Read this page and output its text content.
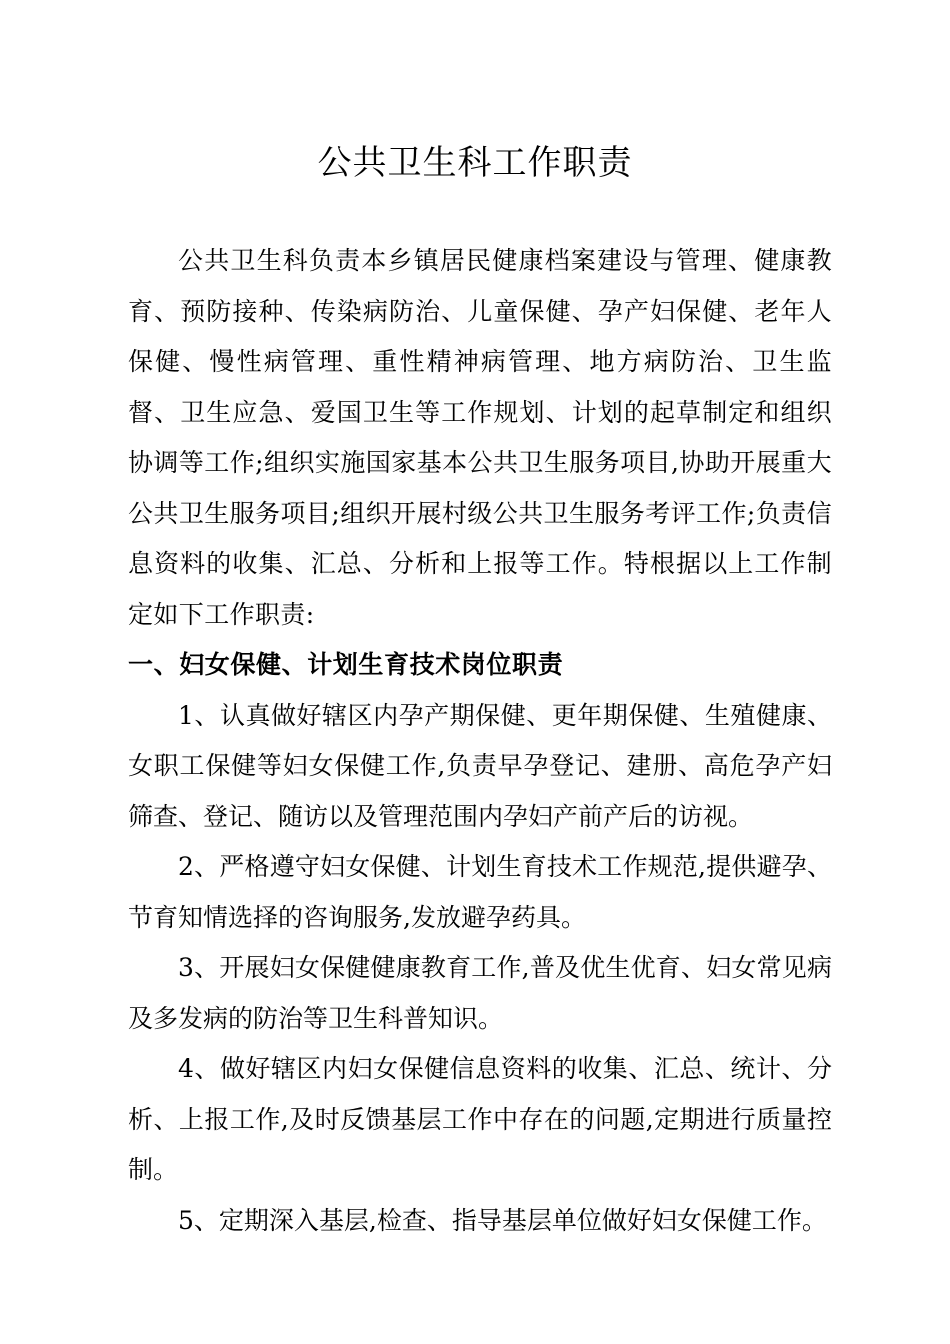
公共卫生科工作职责

公共卫生科负责本乡镇居民健康档案建设与管理、健康教育、预防接种、传染病防治、儿童保健、孕产妇保健、老年人保健、慢性病管理、重性精神病管理、地方病防治、卫生监督、卫生应急、爱国卫生等工作规划、计划的起草制定和组织协调等工作;组织实施国家基本公共卫生服务项目,协助开展重大公共卫生服务项目;组织开展村级公共卫生服务考评工作;负责信息资料的收集、汇总、分析和上报等工作。特根据以上工作制定如下工作职责:

一、妇女保健、计划生育技术岗位职责

1、认真做好辖区内孕产期保健、更年期保健、生殖健康、女职工保健等妇女保健工作,负责早孕登记、建册、高危孕产妇筛查、登记、随访以及管理范围内孕妇产前产后的访视。

2、严格遵守妇女保健、计划生育技术工作规范,提供避孕、节育知情选择的咨询服务,发放避孕药具。

3、开展妇女保健健康教育工作,普及优生优育、妇女常见病及多发病的防治等卫生科普知识。

4、做好辖区内妇女保健信息资料的收集、汇总、统计、分析、上报工作,及时反馈基层工作中存在的问题,定期进行质量控制。

5、定期深入基层,检查、指导基层单位做好妇女保健工作。
